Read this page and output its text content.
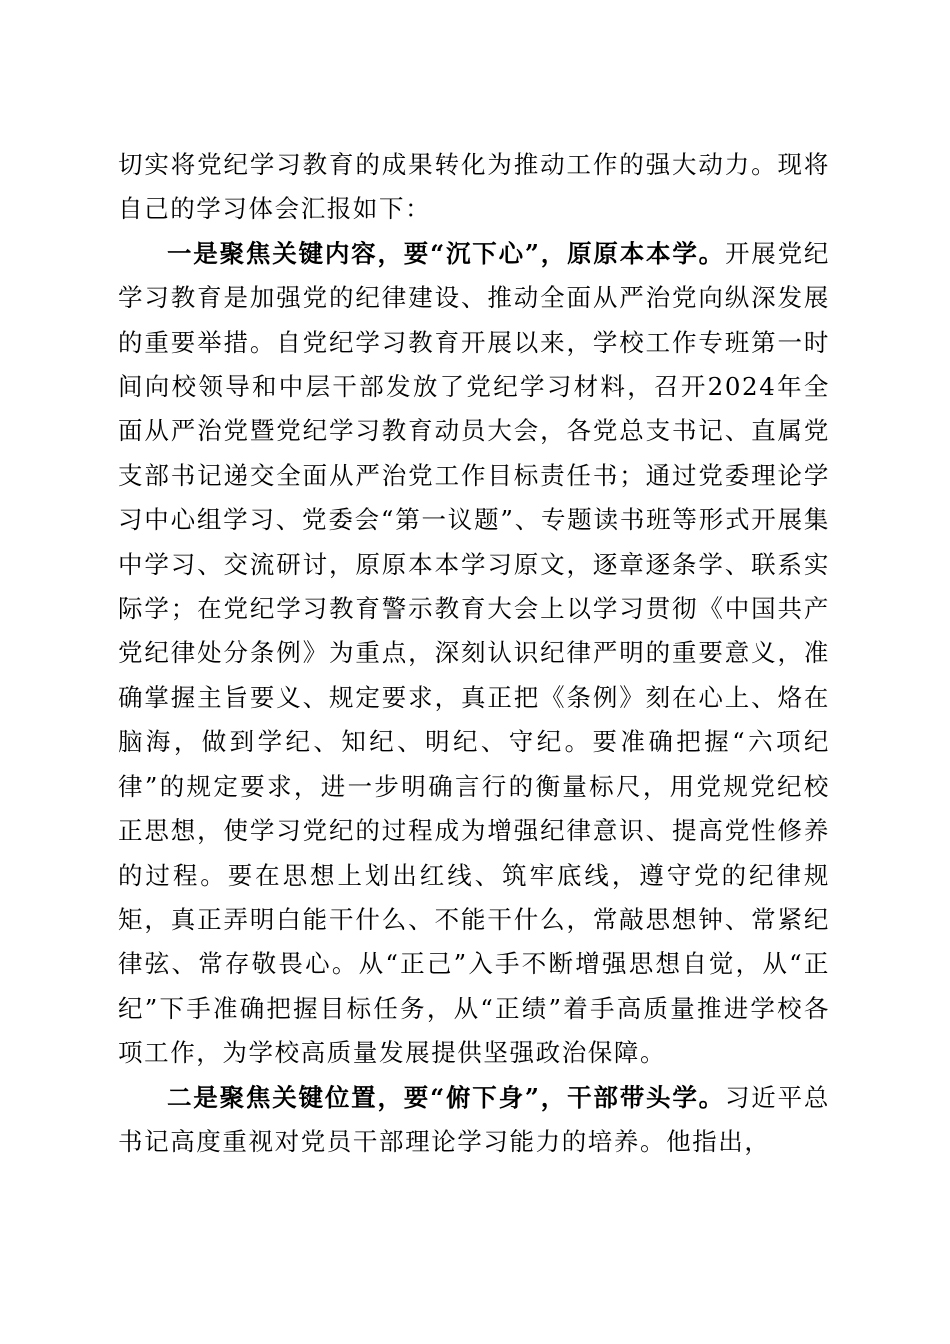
切实将党纪学习教育的成果转化为推动工作的强大动力。现将自己的学习体会汇报如下：

一是聚焦关键内容，要“沉下心”，原原本本学。开展党纪学习教育是加强党的纪律建设、推动全面从严治党向纵深发展的重要举措。自党纪学习教育开展以来，学校工作专班第一时间向校领导和中层干部发放了党纪学习材料，召开2024年全面从严治党暨党纪学习教育动员大会，各党总支书记、直属党支部书记递交全面从严治党工作目标责任书；通过党委理论学习中心组学习、党委会“第一议题”、专题读书班等形式开展集中学习、交流研讨，原原本本学习原文，逐章逐条学、联系实际学；在党纪学习教育警示教育大会上以学习贯彻《中国共产党纪律处分条例》为重点，深刻认识纪律严明的重要意义，准确掌握主旨要义、规定要求，真正把《条例》刻在心上、烙在脑海，做到学纪、知纪、明纪、守纪。要准确把握“六项纪律”的规定要求，进一步明确言行的衡量标尺，用党规党纪校正思想，使学习党纪的过程成为增强纪律意识、提高党性修养的过程。要在思想上划出红线、筑牢底线，遵守党的纪律规矩，真正弄明白能干什么、不能干什么，常敲思想钟、常紧纪律弦、常存敬畏心。从“正己”入手不断增强思想自觉，从“正纪”下手准确把握目标任务，从“正绩”着手高质量推进学校各项工作，为学校高质量发展提供坚强政治保障。

二是聚焦关键位置，要“俯下身”，干部带头学。习近平总书记高度重视对党员干部理论学习能力的培养。他指出，
